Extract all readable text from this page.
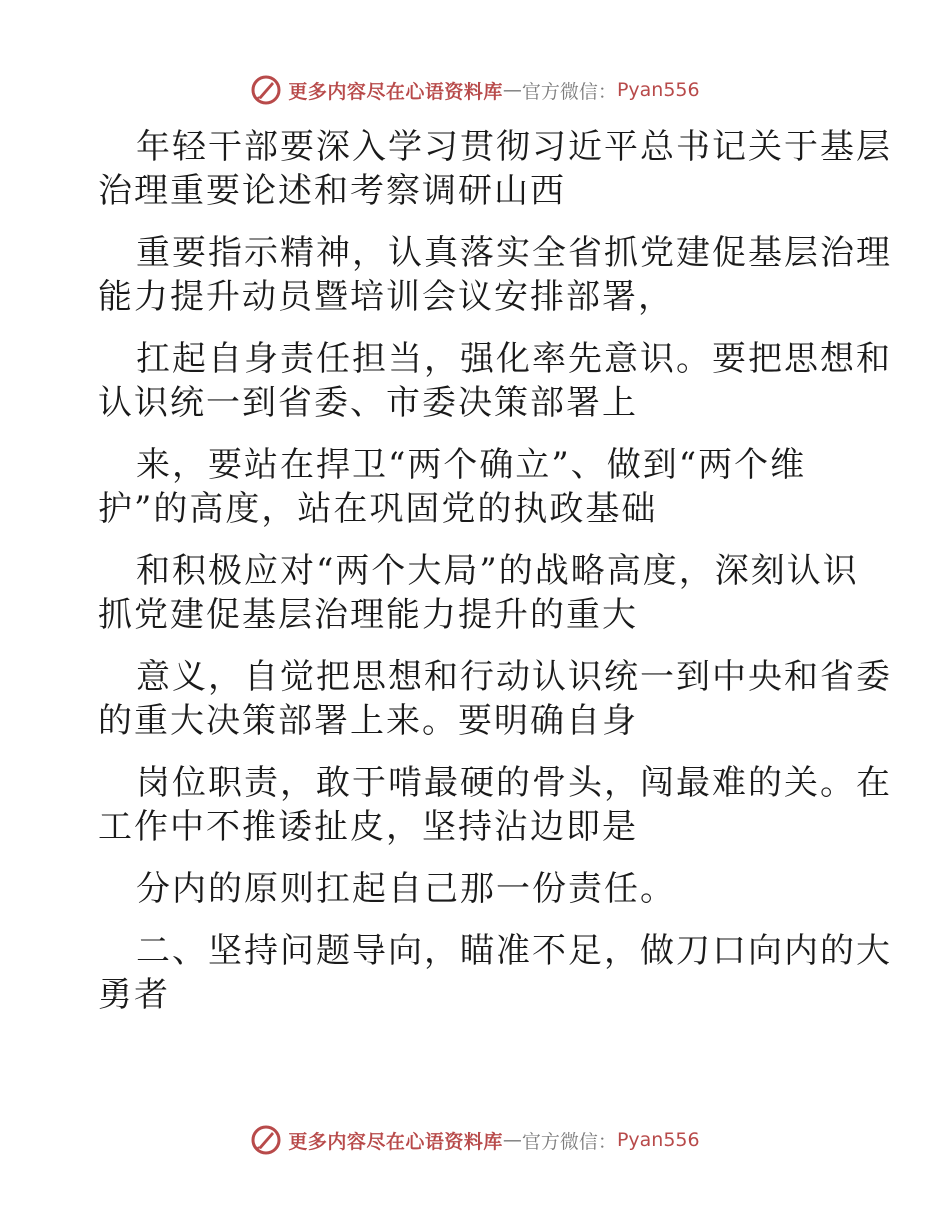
更多内容尽在心语资料库 — 官方微信： Pyan556
年轻干部要深入学习贯彻习近平总书记关于基层
治理重要论述和考察调研山西
重要指示精神，认真落实全省抓党建促基层治理
能力提升动员暨培训会议安排部署，
扛起自身责任担当，强化率先意识。要把思想和
认识统一到省委、市委决策部署上
来，要站在捍卫“两个确立”、做到“两个维
护”的高度，站在巩固党的执政基础
和积极应对“两个大局”的战略高度，深刻认识
抓党建促基层治理能力提升的重大
意义，自觉把思想和行动认识统一到中央和省委
的重大决策部署上来。要明确自身
岗位职责，敢于啃最硬的骨头，闯最难的关。在
工作中不推诿扯皮，坚持沾边即是
分内的原则扛起自己那一份责任。
二、坚持问题导向，瞄准不足，做刀口向内的大
勇者
更多内容尽在心语资料库 — 官方微信： Pyan556
